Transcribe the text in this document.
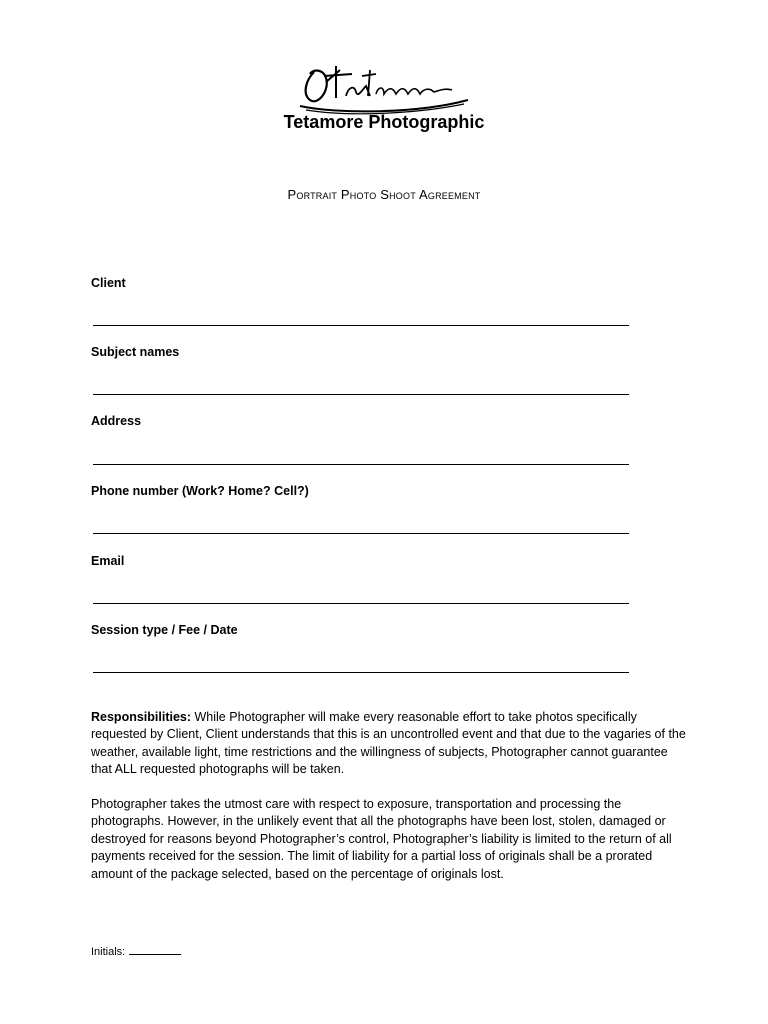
Tetamore Photographic
Portrait Photo Shoot Agreement
Client
Subject names
Address
Phone number (Work? Home? Cell?)
Email
Session type / Fee / Date

Responsibilities: While Photographer will make every reasonable effort to take photos specifically requested by Client, Client understands that this is an uncontrolled event and that due to the vagaries of the weather, available light, time restrictions and the willingness of subjects, Photographer cannot guarantee that ALL requested photographs will be taken.

Photographer takes the utmost care with respect to exposure, transportation and processing the photographs. However, in the unlikely event that all the photographs have been lost, stolen, damaged or destroyed for reasons beyond Photographer’s control, Photographer’s liability is limited to the return of all payments received for the session. The limit of liability for a partial loss of originals shall be a prorated amount of the package selected, based on the percentage of originals lost.

Initials:
